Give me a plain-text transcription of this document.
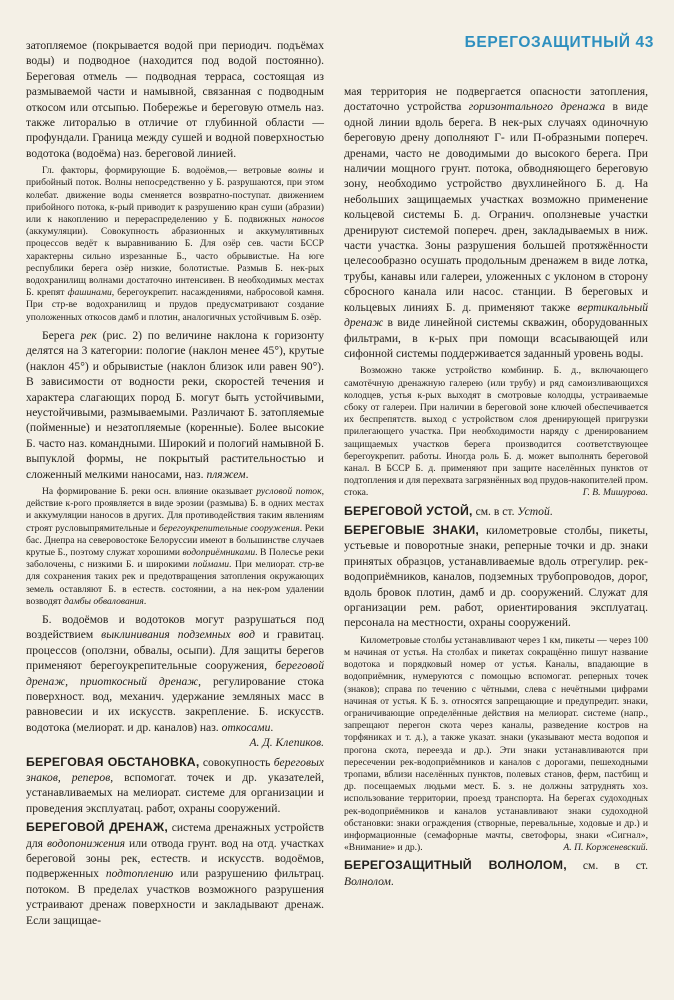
БЕРЕГОЗАЩИТНЫЙ 43

затопляемое (покрывается водой при периодич. подъёмах воды) и подводное (находится под водой постоянно). Береговая отмель — подводная терраса, состоящая из размываемой части и намывной, связанная с подводным откосом или отсыпью. Побережье и береговую отмель наз. также литоралью в отличие от глубинной области — профундали. Граница между сушей и водной поверхностью водотока (водоёма) наз. береговой линией.

Гл. факторы, формирующие Б. водоёмов,— ветровые волны и прибойный поток. Волны непосредственно у Б. разрушаются, при этом колебат. движение воды сменяется возвратно-поступат. движением прибойного потока, к-рый приводит к разрушению кран суши (абразии) или к накоплению и перераспределению у Б. подвижных наносов (аккумуляции). Совокупность абразионных и аккумулятивных процессов ведёт к выравниванию Б. Для озёр сев. части БССР характерны сильно изрезанные Б., часто обрывистые. На юге республики берега озёр низкие, болотистые. Размыв Б. нек-рых водохранилищ волнами достаточно интенсивен. В необходимых местах Б. крепят фашинами, берегоукрепит. насаждениями, набросовой камня. При стр-ве водохранилищ и прудов предусматривают создание уположенных откосов дамб и плотин, аналогичных устойчивым Б. озёр.

Берега рек (рис. 2) по величине наклона к горизонту делятся на 3 категории: пологие (наклон менее 45°), крутые (наклон 45°) и обрывистые (наклон близок или равен 90°). В зависимости от водности реки, скоростей течения и характера слагающих пород Б. могут быть устойчивыми, неустойчивыми, размываемыми. Различают Б. затопляемые (пойменные) и незатопляемые (коренные). Более высокие Б. часто наз. командными. Широкий и пологий намывной Б. выпуклой формы, не покрытый растительностью и сложенный мелкими наносами, наз. пляжем.

На формирование Б. реки осн. влияние оказывает русловой поток, действие к-рого проявляется в виде эрозии (размыва) Б. в одних местах и аккумуляции наносов в других. Для противодействия таким явлениям строят русловыпрямительные и берегоукрепительные сооружения. Реки бас. Днепра на северовостоке Белоруссии имеют в большинстве случаев крутые Б., поэтому служат хорошими водоприёмниками. В Полесье реки заболочены, с низкими Б. и широкими поймами. При мелиорат. стр-ве для сохранения таких рек и предотвращения затопления окружающих земель оставляют Б. в естеств. состоянии, а на нек-ром удалении возводят дамбы обвалования.

Б. водоёмов и водотоков могут разрушаться под воздействием выклинивания подземных вод и гравитац. процессов (оползни, обвалы, осыпи). Для защиты берегов применяют берегоукрепительные сооружения, береговой дренаж, приоткосный дренаж, регулирование стока поверхност. вод, механич. удержание земляных масс в равновесии и их искусств. закрепление. Б. искусств. водотока (мелиорат. и др. каналов) наз. откосами.
А. Д. Клепиков.

БЕРЕГОВАЯ ОБСТАНОВКА, совокупность береговых знаков, реперов, вспомогат. точек и др. указателей, устанавливаемых на мелиорат. системе для организации и проведения эксплуатац. работ, охраны сооружений.

БЕРЕГОВОЙ ДРЕНАЖ, система дренажных устройств для водопонижения или отвода грунт. вод на отд. участках береговой зоны рек, естеств. и искусств. водоёмов, подверженных подтоплению или разрушению фильтрац. потоком. В пределах участков возможного разрушения устраивают дренаж поверхности и закладывают дренаж. Если защищае-

мая территория не подвергается опасности затопления, достаточно устройства горизонтального дренажа в виде одной линии вдоль берега. В нек-рых случаях одиночную береговую дрену дополняют Г- или П-образными попереч. дренами, часто не доводимыми до высокого берега. При наличии мощного грунт. потока, обводняющего береговую зону, необходимо устройство двухлинейного Б. д. На небольших защищаемых участках возможно применение кольцевой системы Б. д. Огранич. оползневые участки дренируют системой попереч. дрен, закладываемых в ниж. части участка. Зоны разрушения большей протяжённости целесообразно осушать продольным дренажем в виде лотка, трубы, канавы или галереи, уложенных с уклоном в сторону сбросного канала или насос. станции. В береговых и кольцевых линиях Б. д. применяют также вертикальный дренаж в виде линейной системы скважин, оборудованных фильтрами, в к-рых при помощи всасывающей или сифонной системы поддерживается заданный уровень воды.

Возможно также устройство комбинир. Б. д., включающего самотёчную дренажную галерею (или трубу) и ряд самоизливающихся колодцев, устья к-рых выходят в смотровые колодцы, устраиваемые сбоку от галереи. При наличии в береговой зоне ключей обеспечивается их беспрепятств. выход с устройством слоя дренирующей пригрузки прилегающего участка. При необходимости наряду с дренированием защищаемых участков берега производится соответствующее берегоукрепит. работы. Иногда роль Б. д. может выполнять береговой канал. В БССР Б. д. применяют при защите населённых пунктов от подтопления и для перехвата загрязнённых вод прудов-накопителей пром. стока.	Г. В. Мишурова.

БЕРЕГОВОЙ УСТОЙ, см. в ст. Устой.

БЕРЕГОВЫЕ ЗНАКИ, километровые столбы, пикеты, устьевые и поворотные знаки, реперные точки и др. знаки принятых образцов, устанавливаемые вдоль отрегулир. рек-водоприёмников, каналов, подземных трубопроводов, дорог, вдоль бровок плотин, дамб и др. сооружений. Служат для организации рем. работ, ориентирования эксплуатац. персонала на местности, охраны сооружений.

Километровые столбы устанавливают через 1 км, пикеты — через 100 м начиная от устья. На столбах и пикетах сокращённо пишут название водотока и порядковый номер от устья. Каналы, впадающие в водоприёмник, нумеруются с помощью вспомогат. реперных точек (знаков); справа по течению с чётными, слева с нечётными цифрами начиная от устья. К Б. з. относятся запрещающие и предупредит. знаки, ограничивающие определённые действия на мелиорат. системе (напр., запрещают перегон скота через каналы, разведение костров на торфяниках и т. д.), а также указат. знаки (указывают места водопоя и прогона скота, переезда и др.). Эти знаки устанавливаются при пересечении рек-водоприёмников и каналов с дорогами, пешеходными тропами, вблизи населённых пунктов, полевых станов, ферм, пастбищ и др. посещаемых людьми мест. Б. з. не должны затруднять хоз. использование территории, проезд транспорта. На берегах судоходных рек-водоприёмников и каналов устанавливают знаки судоходной обстановки: знаки ограждения (створные, перевальные, ходовые и др.) и информационные (семафорные мачты, светофоры, знаки «Сигнал», «Внимание» и др.).	А. П. Корженевский.

БЕРЕГОЗАЩИТНЫЙ ВОЛНОЛОМ, см. в ст. Волнолом.
